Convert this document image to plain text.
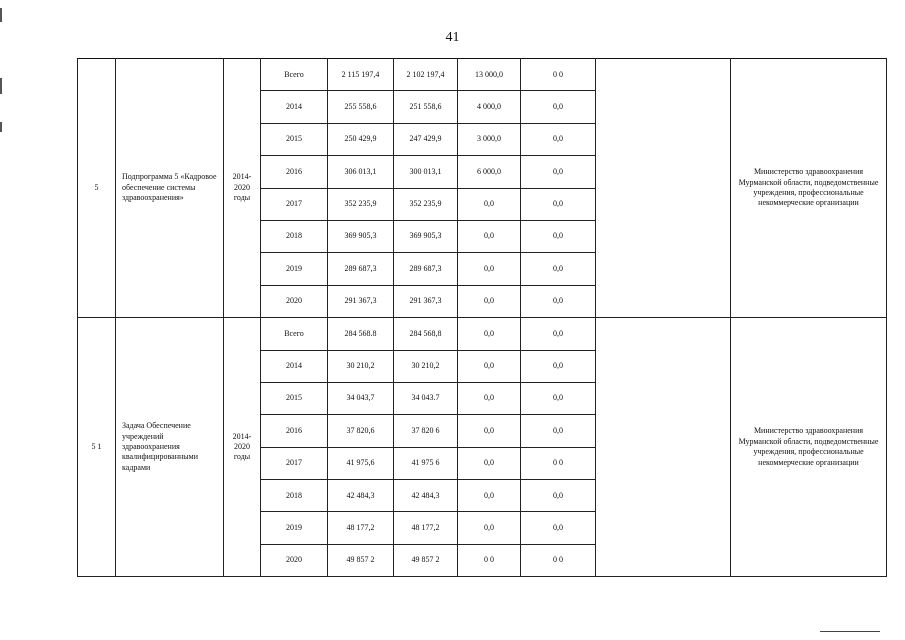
41
5	Подпрограмма 5 «Кадровое обеспечение системы здравоохранения»	2014-2020 годы	Всего	2 115 197,4	2 102 197,4	13 000,0	0 0		Министерство здравоохранения Мурманской области, подведомственные учреждения, профессиональные некоммерческие организации
			2014	255 558,6	251 558,6	4 000,0	0,0		
			2015	250 429,9	247 429,9	3 000,0	0,0		
			2016	306 013,1	300 013,1	6 000,0	0,0		
			2017	352 235,9	352 235,9	0,0	0,0		
			2018	369 905,3	369 905,3	0,0	0,0		
			2019	289 687,3	289 687,3	0,0	0,0		
			2020	291 367,3	291 367,3	0,0	0,0		
5 1	Задача Обеспечение учреждений здравоохранения квалифицированными кадрами	2014-2020 годы	Всего	284 568.8	284 568,8	0,0	0,0		Министерство здравоохранения Мурманской области, подведомственные учреждения, профессиональные некоммерческие организации
			2014	30 210,2	30 210,2	0,0	0,0		
			2015	34 043,7	34 043.7	0,0	0,0		
			2016	37 820,6	37 820 6	0,0	0,0		
			2017	41 975,6	41 975 6	0,0	0 0		
			2018	42 484,3	42 484,3	0,0	0,0		
			2019	48 177,2	48 177,2	0,0	0,0		
			2020	49 857 2	49 857 2	0 0	0 0		
